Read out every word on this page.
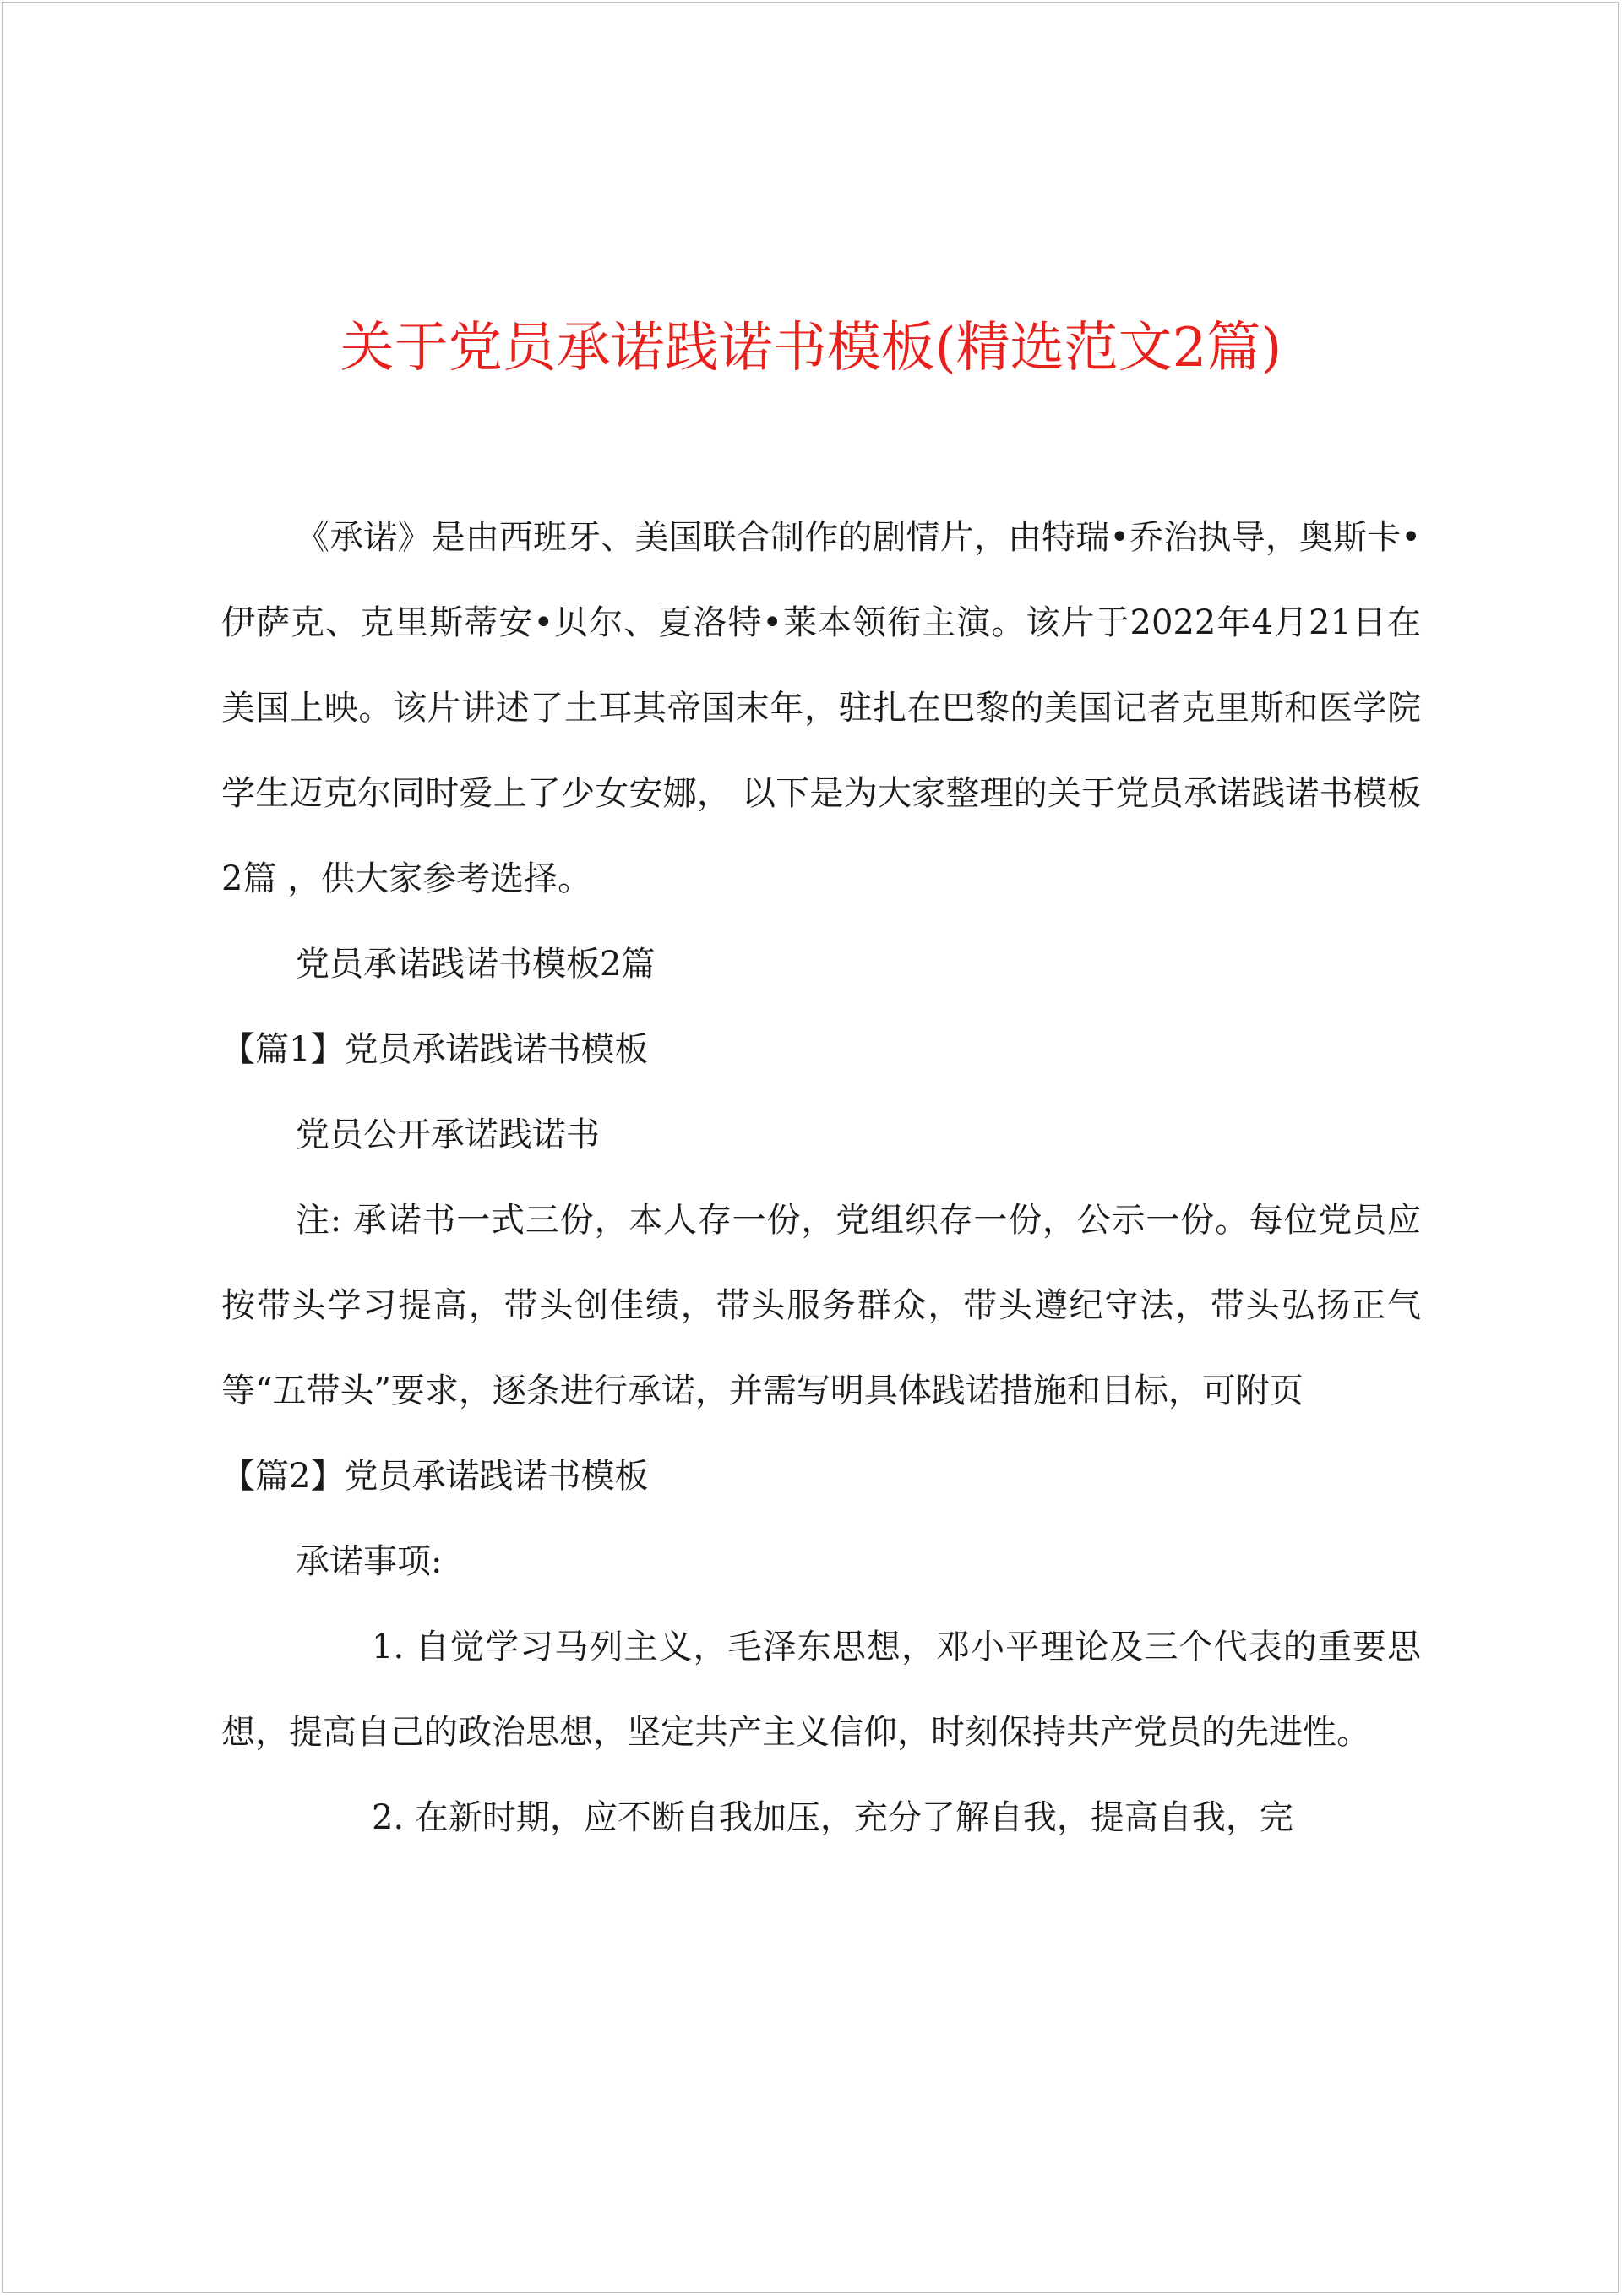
关于党员承诺践诺书模板(精选范文2篇)

《承诺》是由西班牙、美国联合制作的剧情片，由特瑞•乔治执导，奥斯卡•伊萨克、克里斯蒂安•贝尔、夏洛特•莱本领衔主演。该片于2022年4月21日在美国上映。该片讲述了土耳其帝国末年，驻扎在巴黎的美国记者克里斯和医学院学生迈克尔同时爱上了少女安娜， 以下是为大家整理的关于党员承诺践诺书模板2篇 ，供大家参考选择。

党员承诺践诺书模板2篇

【篇1】党员承诺践诺书模板

党员公开承诺践诺书

注: 承诺书一式三份，本人存一份，党组织存一份，公示一份。每位党员应按带头学习提高，带头创佳绩，带头服务群众，带头遵纪守法，带头弘扬正气等“五带头”要求，逐条进行承诺，并需写明具体践诺措施和目标，可附页

【篇2】党员承诺践诺书模板

承诺事项:

1. 自觉学习马列主义，毛泽东思想，邓小平理论及三个代表的重要思想，提高自己的政治思想，坚定共产主义信仰，时刻保持共产党员的先进性。

2. 在新时期，应不断自我加压，充分了解自我，提高自我，完
